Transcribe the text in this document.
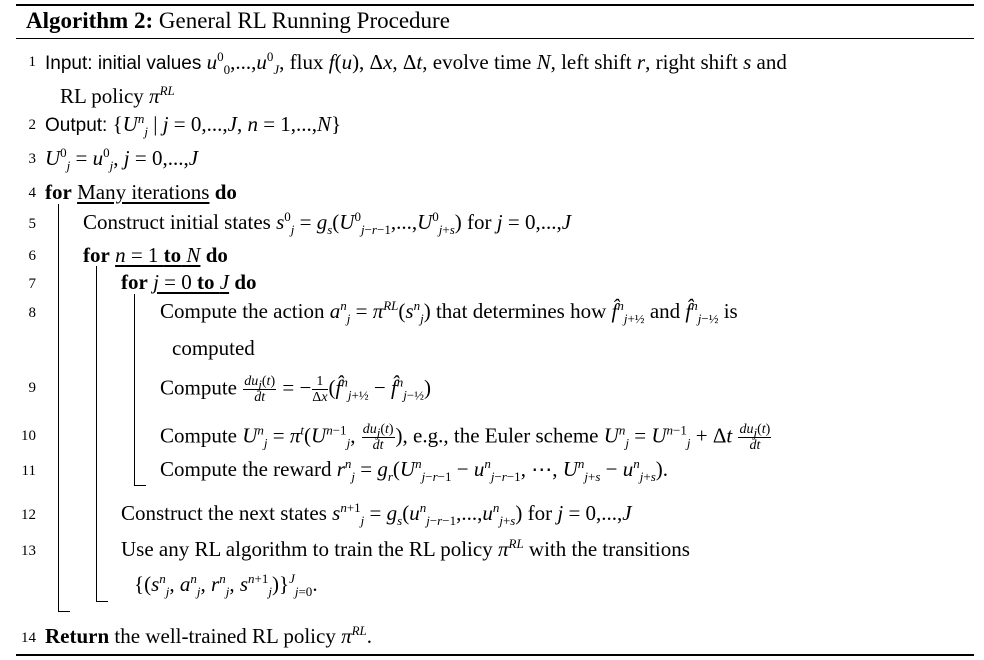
Algorithm 2: General RL Running Procedure
1 Input: initial values $u^0_0,...,u^0_J$, flux f(u), Δx, Δt, evolve time N, left shift r, right shift s and
RL policy $\pi^{RL}$
2 Output: {$U^n_j$ | j = 0,...,J, n = 1,...,N}
3 $U^0_j = u^0_j$, j = 0,...,J
4 for Many iterations do
5 Construct initial states $s^0_j = g_s(U^0_{j-r-1},...,U^0_{j+s})$ for j = 0,...,J
6 for n = 1 to N do
7	for j = 0 to J do
8	Compute the action $a^n_j = \pi^{RL}(s^n_j)$ that determines how f̂$^n_{j+\frac{1}{2}}$ and f̂$^n_{j-\frac{1}{2}}$ is
computed
9	Compute $\frac{du_j(t)}{dt}$ = − $\frac{1}{\Delta x}$ (f̂$^n_{j+\frac{1}{2}}$ − f̂$^n_{j-\frac{1}{2}}$)
10	Compute $U^n_j = \pi^t(U^{n-1}_j$, $\frac{du_j(t)}{dt}$ ), e.g., the Euler scheme $U^n_j = U^{n-1}_j + \Delta t \frac{du_j(t)}{dt}$
11	Compute the reward $r^n_j = g_r(U^n_{j-r-1} - u^n_{j-r-1}$, ⋯, $U^n_{j+s} - u^n_{j+s}$).
12	Construct the next states $s^{n+1}_j = g_s(u^n_{j-r-1},...,u^n_{j+s})$ for j = 0,...,J
13	Use any RL algorithm to train the RL policy $\pi^{RL}$ with the transitions
{($s^n_j$, $a^n_j$, $r^n_j$, $s^{n+1}_j)\}^J_{j=0}$.
14 Return the well-trained RL policy $\pi^{RL}$.
